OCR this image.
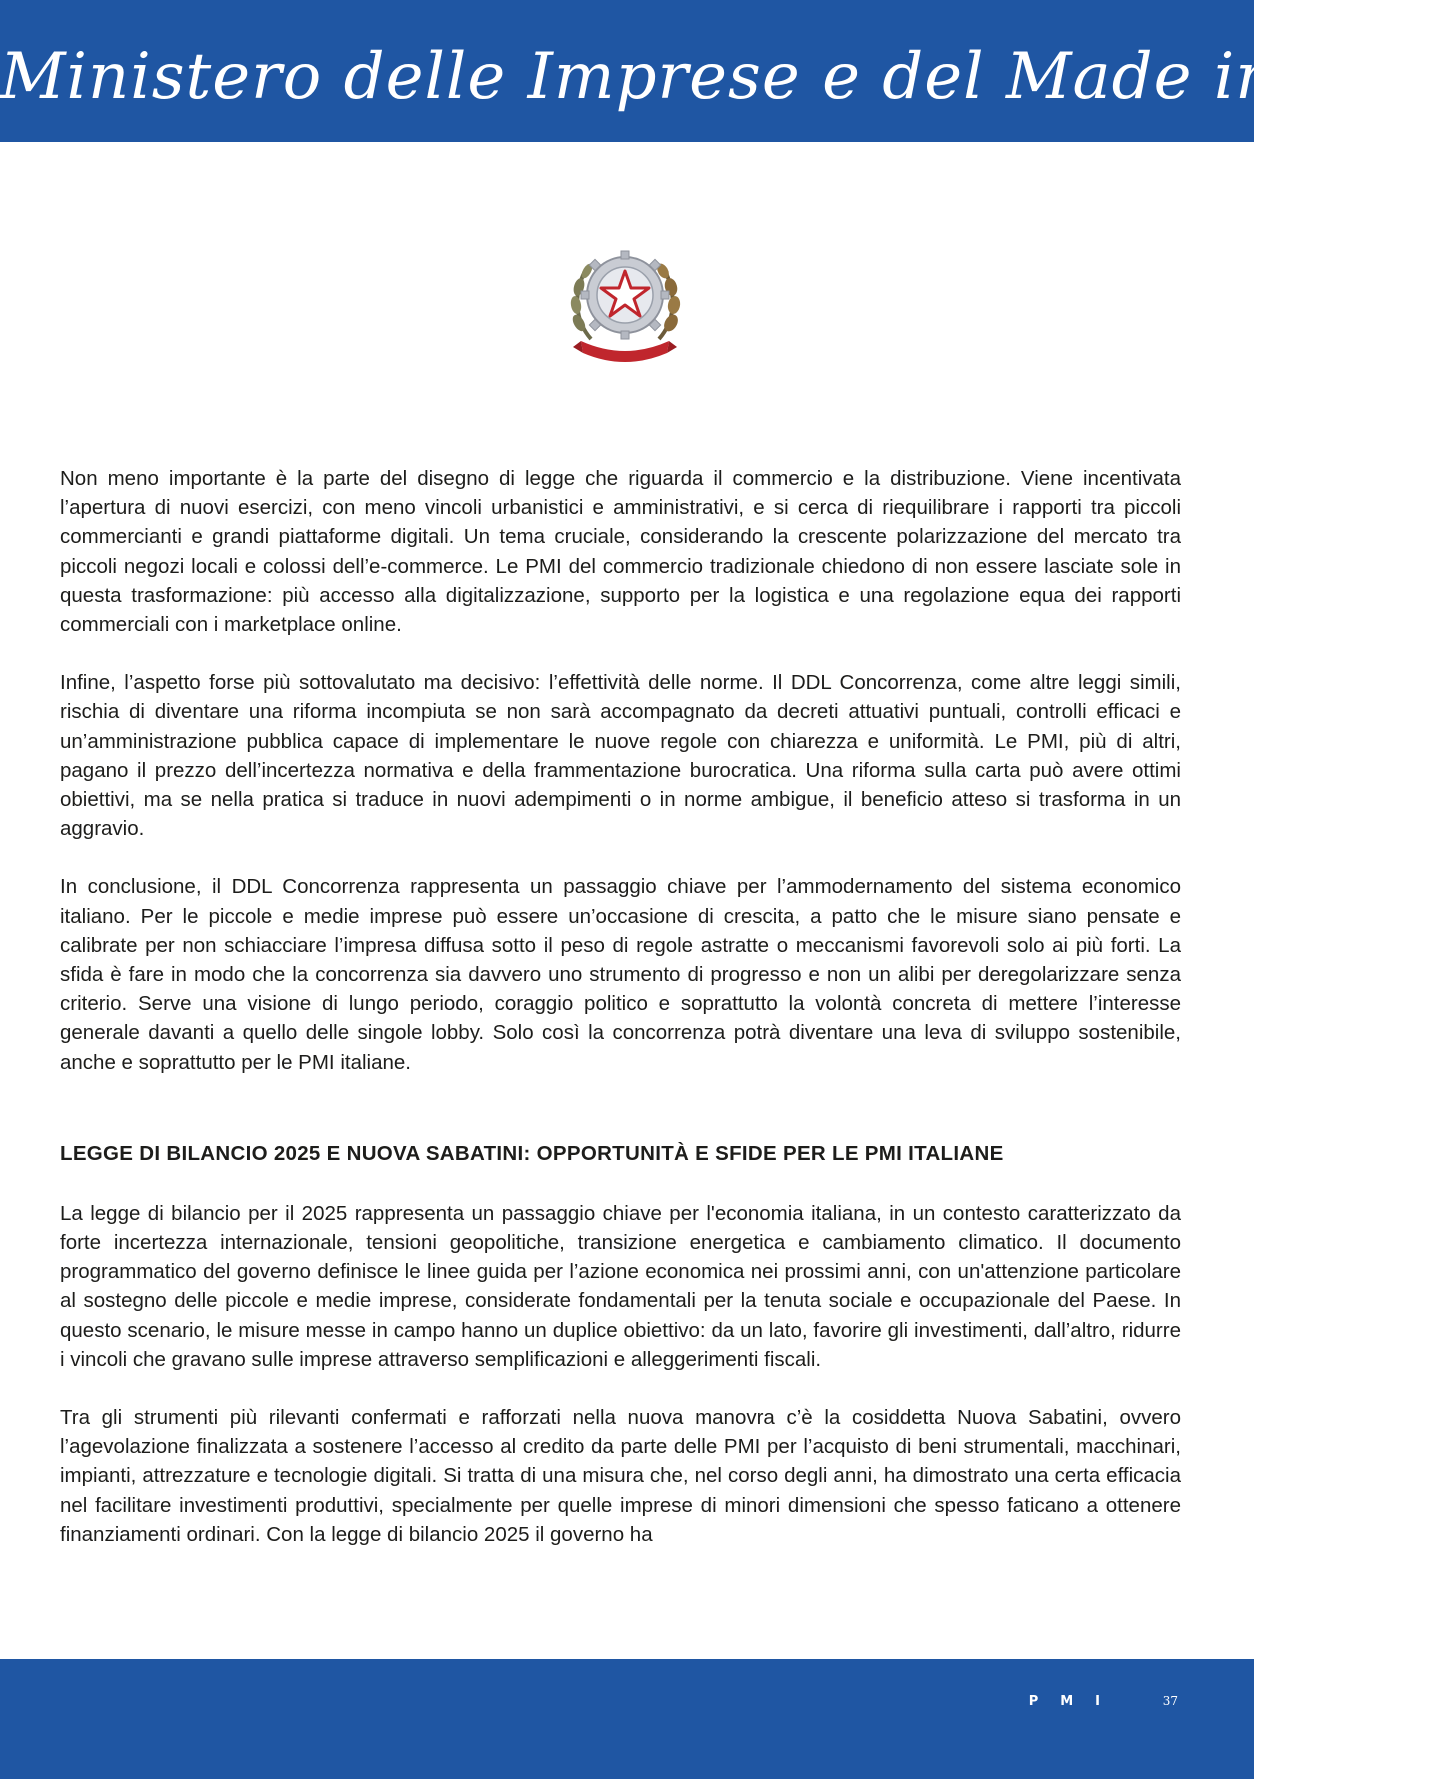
Ministero delle Imprese e del Made in Italy

Non meno importante è la parte del disegno di legge che riguarda il commercio e la distribuzione. Viene incentivata l’apertura di nuovi esercizi, con meno vincoli urbanistici e amministrativi, e si cerca di riequilibrare i rapporti tra piccoli commercianti e grandi piattaforme digitali. Un tema cruciale, considerando la crescente polarizzazione del mercato tra piccoli negozi locali e colossi dell’e-commerce. Le PMI del commercio tradizionale chiedono di non essere lasciate sole in questa trasformazione: più accesso alla digitalizzazione, supporto per la logistica e una regolazione equa dei rapporti commerciali con i marketplace online.

Infine, l’aspetto forse più sottovalutato ma decisivo: l’effettività delle norme. Il DDL Concorrenza, come altre leggi simili, rischia di diventare una riforma incompiuta se non sarà accompagnato da decreti attuativi puntuali, controlli efficaci e un’amministrazione pubblica capace di implementare le nuove regole con chiarezza e uniformità. Le PMI, più di altri, pagano il prezzo dell’incertezza normativa e della frammentazione burocratica. Una riforma sulla carta può avere ottimi obiettivi, ma se nella pratica si traduce in nuovi adempimenti o in norme ambigue, il beneficio atteso si trasforma in un aggravio.

In conclusione, il DDL Concorrenza rappresenta un passaggio chiave per l’ammodernamento del sistema economico italiano. Per le piccole e medie imprese può essere un’occasione di crescita, a patto che le misure siano pensate e calibrate per non schiacciare l’impresa diffusa sotto il peso di regole astratte o meccanismi favorevoli solo ai più forti. La sfida è fare in modo che la concorrenza sia davvero uno strumento di progresso e non un alibi per deregolarizzare senza criterio. Serve una visione di lungo periodo, coraggio politico e soprattutto la volontà concreta di mettere l’interesse generale davanti a quello delle singole lobby. Solo così la concorrenza potrà diventare una leva di sviluppo sostenibile, anche e soprattutto per le PMI italiane.

LEGGE DI BILANCIO 2025 E NUOVA SABATINI: OPPORTUNITÀ E SFIDE PER LE PMI ITALIANE

La legge di bilancio per il 2025 rappresenta un passaggio chiave per l'economia italiana, in un contesto caratterizzato da forte incertezza internazionale, tensioni geopolitiche, transizione energetica e cambiamento climatico. Il documento programmatico del governo definisce le linee guida per l’azione economica nei prossimi anni, con un'attenzione particolare al sostegno delle piccole e medie imprese, considerate fondamentali per la tenuta sociale e occupazionale del Paese. In questo scenario, le misure messe in campo hanno un duplice obiettivo: da un lato, favorire gli investimenti, dall’altro, ridurre i vincoli che gravano sulle imprese attraverso semplificazioni e alleggerimenti fiscali.

Tra gli strumenti più rilevanti confermati e rafforzati nella nuova manovra c’è la cosiddetta Nuova Sabatini, ovvero l’agevolazione finalizzata a sostenere l’accesso al credito da parte delle PMI per l’acquisto di beni strumentali, macchinari, impianti, attrezzature e tecnologie digitali. Si tratta di una misura che, nel corso degli anni, ha dimostrato una certa efficacia nel facilitare investimenti produttivi, specialmente per quelle imprese di minori dimensioni che spesso faticano a ottenere finanziamenti ordinari. Con la legge di bilancio 2025 il governo ha

PMI	37
